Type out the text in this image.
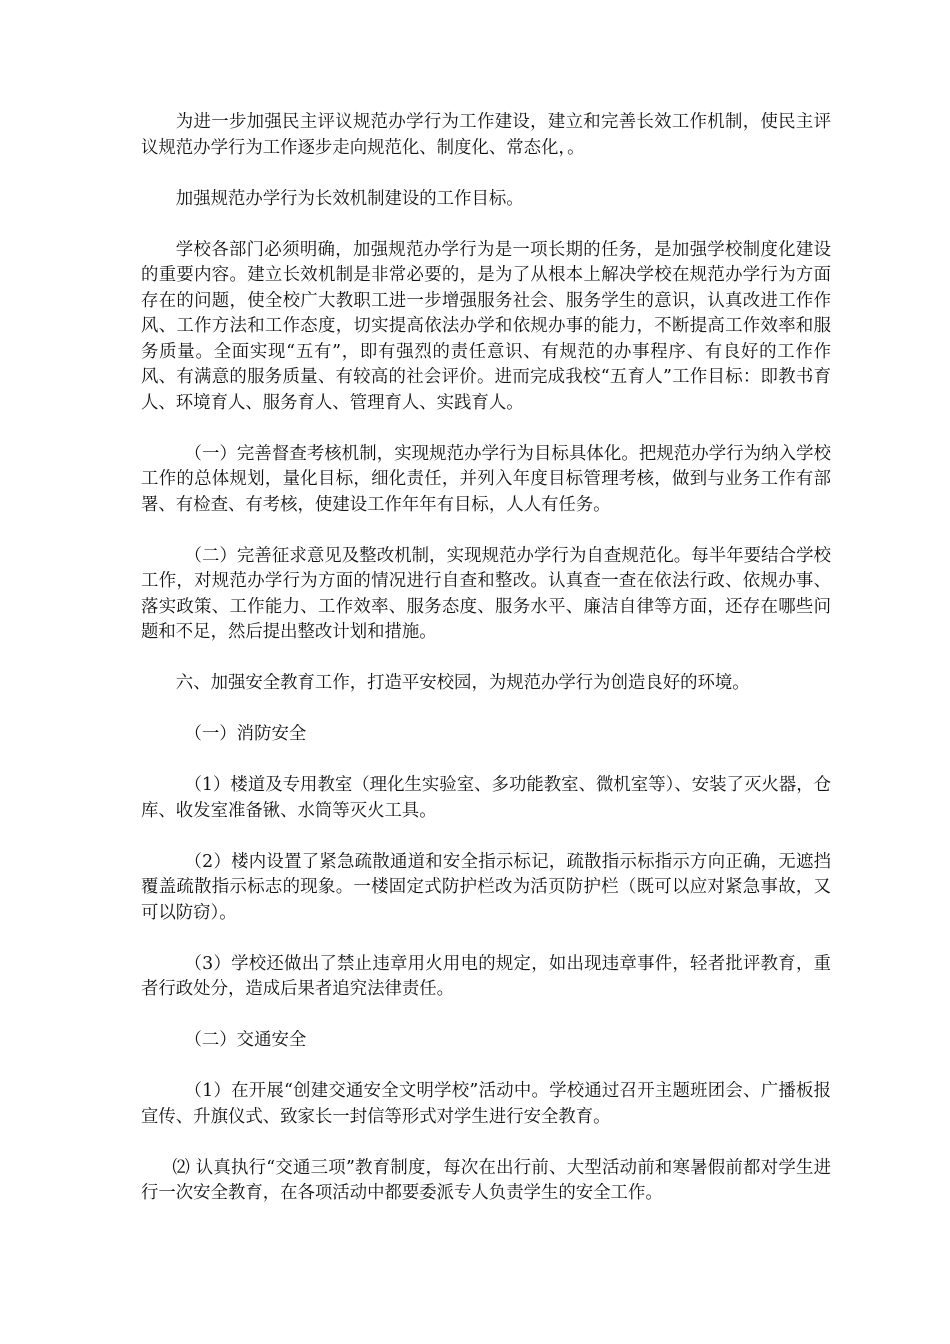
为进一步加强民主评议规范办学行为工作建设，建立和完善长效工作机制，使民主评议规范办学行为工作逐步走向规范化、制度化、常态化，。

加强规范办学行为长效机制建设的工作目标。

学校各部门必须明确，加强规范办学行为是一项长期的任务，是加强学校制度化建设的重要内容。建立长效机制是非常必要的，是为了从根本上解决学校在规范办学行为方面存在的问题，使全校广大教职工进一步增强服务社会、服务学生的意识，认真改进工作作风、工作方法和工作态度，切实提高依法办学和依规办事的能力，不断提高工作效率和服务质量。全面实现“五有”，即有强烈的责任意识、有规范的办事程序、有良好的工作作风、有满意的服务质量、有较高的社会评价。进而完成我校“五育人”工作目标：即教书育人、环境育人、服务育人、管理育人、实践育人。

（一）完善督查考核机制，实现规范办学行为目标具体化。把规范办学行为纳入学校工作的总体规划，量化目标，细化责任，并列入年度目标管理考核，做到与业务工作有部署、有检查、有考核，使建设工作年年有目标，人人有任务。

（二）完善征求意见及整改机制，实现规范办学行为自查规范化。每半年要结合学校工作，对规范办学行为方面的情况进行自查和整改。认真查一查在依法行政、依规办事、落实政策、工作能力、工作效率、服务态度、服务水平、廉洁自律等方面，还存在哪些问题和不足，然后提出整改计划和措施。

六、加强安全教育工作，打造平安校园，为规范办学行为创造良好的环境。

（一）消防安全

（1）楼道及专用教室（理化生实验室、多功能教室、微机室等）、安装了灭火器，仓库、收发室准备锹、水筒等灭火工具。

（2）楼内设置了紧急疏散通道和安全指示标记，疏散指示标指示方向正确，无遮挡覆盖疏散指示标志的现象。一楼固定式防护栏改为活页防护栏（既可以应对紧急事故，又可以防窃）。

（3）学校还做出了禁止违章用火用电的规定，如出现违章事件，轻者批评教育，重者行政处分，造成后果者追究法律责任。

（二）交通安全

（1）在开展“创建交通安全文明学校”活动中。学校通过召开主题班团会、广播板报宣传、升旗仪式、致家长一封信等形式对学生进行安全教育。

⑵ 认真执行“交通三项”教育制度，每次在出行前、大型活动前和寒暑假前都对学生进行一次安全教育，在各项活动中都要委派专人负责学生的安全工作。
